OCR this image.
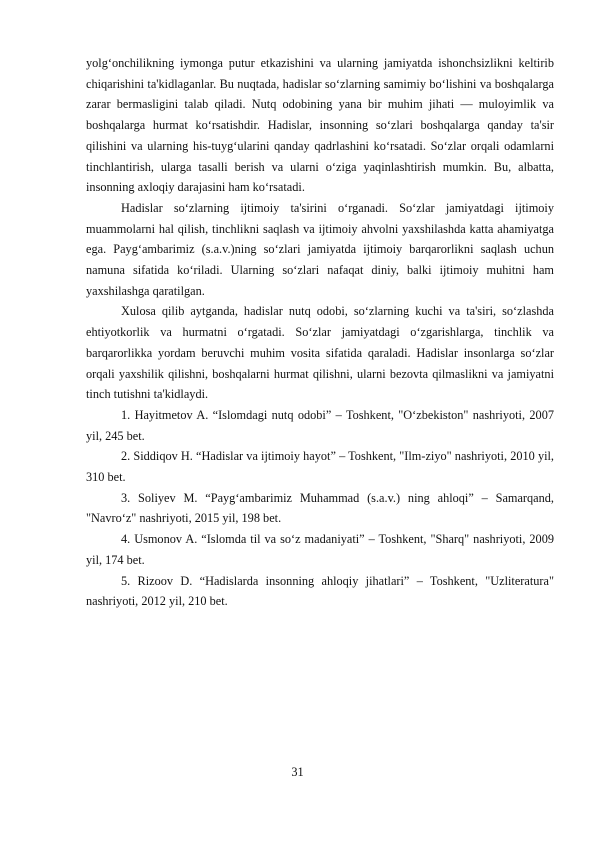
yolg‘onchilikning iymonga putur etkazishini va ularning jamiyatda ishonchsizlikni keltirib chiqarishini ta'kidlaganlar. Bu nuqtada, hadislar so‘zlarning samimiy bo‘lishini va boshqalarga zarar bermasligini talab qiladi. Nutq odobining yana bir muhim jihati — muloyimlik va boshqalarga hurmat ko‘rsatishdir. Hadislar, insonning so‘zlari boshqalarga qanday ta'sir qilishini va ularning his-tuyg‘ularini qanday qadrlashini ko‘rsatadi. So‘zlar orqali odamlarni tinchlantirish, ularga tasalli berish va ularni o‘ziga yaqinlashtirish mumkin. Bu, albatta, insonning axloqiy darajasini ham ko‘rsatadi.

Hadislar so‘zlarning ijtimoiy ta'sirini o‘rganadi. So‘zlar jamiyatdagi ijtimoiy muammolarni hal qilish, tinchlikni saqlash va ijtimoiy ahvolni yaxshilashda katta ahamiyatga ega. Payg‘ambarimiz (s.a.v.)ning so‘zlari jamiyatda ijtimoiy barqarorlikni saqlash uchun namuna sifatida ko‘riladi. Ularning so‘zlari nafaqat diniy, balki ijtimoiy muhitni ham yaxshilashga qaratilgan.

Xulosa qilib aytganda, hadislar nutq odobi, so‘zlarning kuchi va ta'siri, so‘zlashda ehtiyotkorlik va hurmatni o‘rgatadi. So‘zlar jamiyatdagi o‘zgarishlarga, tinchlik va barqarorlikka yordam beruvchi muhim vosita sifatida qaraladi. Hadislar insonlarga so‘zlar orqali yaxshilik qilishni, boshqalarni hurmat qilishni, ularni bezovta qilmaslikni va jamiyatni tinch tutishni ta'kidlaydi.

1. Hayitmetov A. “Islomdagi nutq odobi” – Toshkent, "O‘zbekiston" nashriyoti, 2007 yil, 245 bet.

2. Siddiqov H. “Hadislar va ijtimoiy hayot” – Toshkent, "Ilm-ziyo" nashriyoti, 2010 yil, 310 bet.

3. Soliyev M. “Payg‘ambarimiz Muhammad (s.a.v.) ning ahloqi” – Samarqand, "Navro‘z" nashriyoti, 2015 yil, 198 bet.

4. Usmonov A. “Islomda til va so‘z madaniyati” – Toshkent, "Sharq" nashriyoti, 2009 yil, 174 bet.

5. Rizoov D. “Hadislarda insonning ahloqiy jihatlari” – Toshkent, "Uzliteratura" nashriyoti, 2012 yil, 210 bet.

31
